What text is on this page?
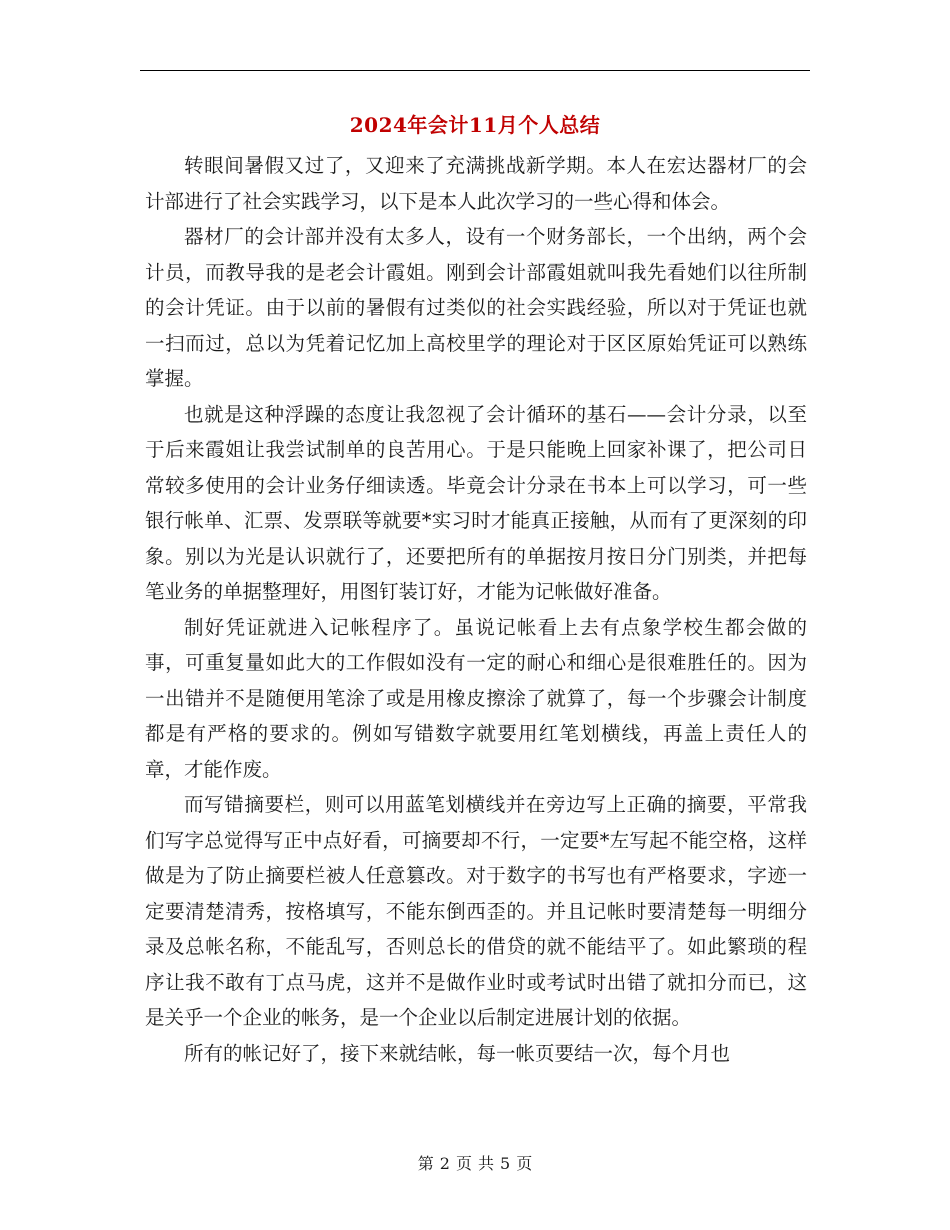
2024年会计11月个人总结

转眼间暑假又过了，又迎来了充满挑战新学期。本人在宏达器材厂的会计部进行了社会实践学习，以下是本人此次学习的一些心得和体会。

器材厂的会计部并没有太多人，设有一个财务部长，一个出纳，两个会计员，而教导我的是老会计霞姐。刚到会计部霞姐就叫我先看她们以往所制的会计凭证。由于以前的暑假有过类似的社会实践经验，所以对于凭证也就一扫而过，总以为凭着记忆加上高校里学的理论对于区区原始凭证可以熟练掌握。

也就是这种浮躁的态度让我忽视了会计循环的基石——会计分录，以至于后来霞姐让我尝试制单的良苦用心。于是只能晚上回家补课了，把公司日常较多使用的会计业务仔细读透。毕竟会计分录在书本上可以学习，可一些银行帐单、汇票、发票联等就要*实习时才能真正接触，从而有了更深刻的印象。别以为光是认识就行了，还要把所有的单据按月按日分门别类，并把每笔业务的单据整理好，用图钉装订好，才能为记帐做好准备。

制好凭证就进入记帐程序了。虽说记帐看上去有点象学校生都会做的事，可重复量如此大的工作假如没有一定的耐心和细心是很难胜任的。因为一出错并不是随便用笔涂了或是用橡皮擦涂了就算了，每一个步骤会计制度都是有严格的要求的。例如写错数字就要用红笔划横线，再盖上责任人的章，才能作废。

而写错摘要栏，则可以用蓝笔划横线并在旁边写上正确的摘要，平常我们写字总觉得写正中点好看，可摘要却不行，一定要*左写起不能空格，这样做是为了防止摘要栏被人任意篡改。对于数字的书写也有严格要求，字迹一定要清楚清秀，按格填写，不能东倒西歪的。并且记帐时要清楚每一明细分录及总帐名称，不能乱写，否则总长的借贷的就不能结平了。如此繁琐的程序让我不敢有丁点马虎，这并不是做作业时或考试时出错了就扣分而已，这是关乎一个企业的帐务，是一个企业以后制定进展计划的依据。

所有的帐记好了，接下来就结帐，每一帐页要结一次，每个月也

第 2 页 共 5 页
